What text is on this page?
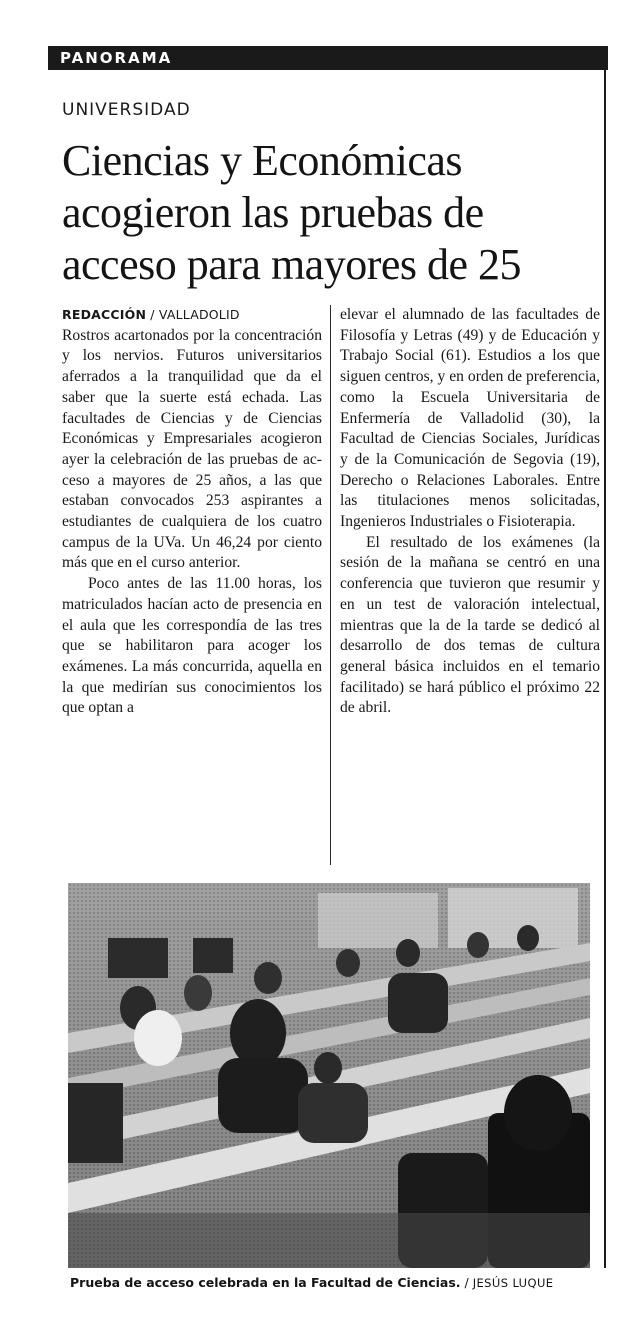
PANORAMA
UNIVERSIDAD
Ciencias y Económicas acogieron las pruebas de acceso para mayores de 25

REDACCIÓN / VALLADOLID
Rostros acartonados por la concentración y los nervios. Futuros universitarios aferrados a la tranquilidad que da el saber que la suerte está echada. Las facultades de Ciencias y de Ciencias Económicas y Empresariales acogieron ayer la celebración de las pruebas de acceso a mayores de 25 años, a las que estaban convocados 253 aspirantes a estudiantes de cualquiera de los cuatro campus de la UVa. Un 46,24 por ciento más que en el curso anterior.

Poco antes de las 11.00 horas, los matriculados hacían acto de presencia en el aula que les correspondía de las tres que se habilitaron para acoger los exámenes. La más concurrida, aquella en la que medirían sus conocimientos los que optan a

elevar el alumnado de las facultades de Filosofía y Letras (49) y de Educación y Trabajo Social (61). Estudios a los que siguen centros, y en orden de preferencia, como la Escuela Universitaria de Enfermería de Valladolid (30), la Facultad de Ciencias Sociales, Jurídicas y de la Comunicación de Segovia (19), Derecho o Relaciones Laborales. Entre las titulaciones menos solicitadas, Ingenieros Industriales o Fisioterapia.

El resultado de los exámenes (la sesión de la mañana se centró en una conferencia que tuvieron que resumir y en un test de valoración intelectual, mientras que la de la tarde se dedicó al desarrollo de dos temas de cultura general básica incluidos en el temario facilitado) se hará público el próximo 22 de abril.

Prueba de acceso celebrada en la Facultad de Ciencias. / JESÚS LUQUE
